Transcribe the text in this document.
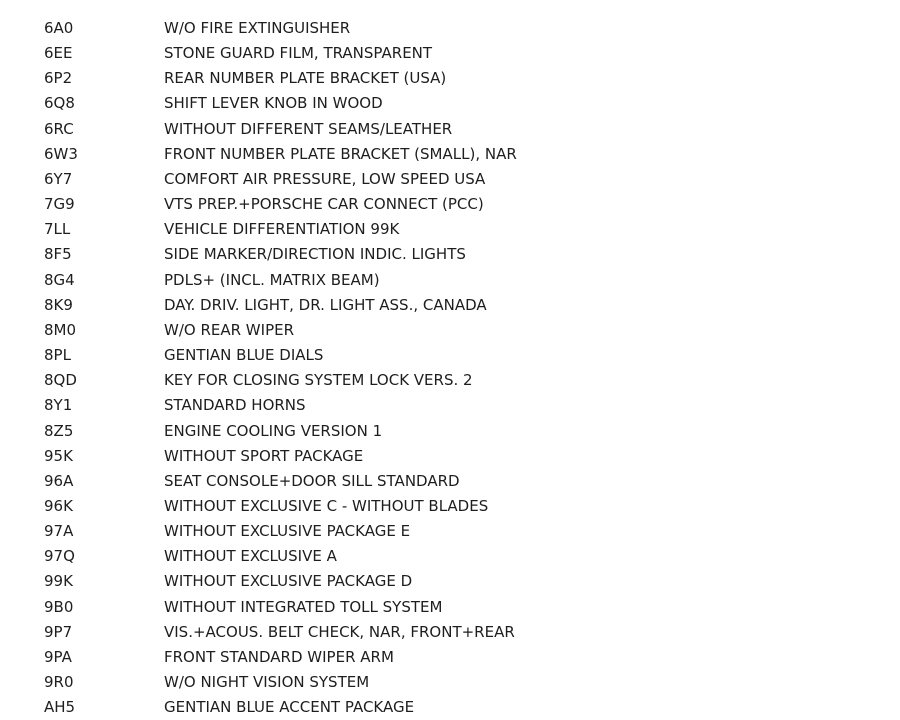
6A0	W/O FIRE EXTINGUISHER
6EE	STONE GUARD FILM, TRANSPARENT
6P2	REAR NUMBER PLATE BRACKET (USA)
6Q8	SHIFT LEVER KNOB IN WOOD
6RC	WITHOUT DIFFERENT SEAMS/LEATHER
6W3	FRONT NUMBER PLATE BRACKET (SMALL), NAR
6Y7	COMFORT AIR PRESSURE, LOW SPEED USA
7G9	VTS PREP.+PORSCHE CAR CONNECT (PCC)
7LL	VEHICLE DIFFERENTIATION 99K
8F5	SIDE MARKER/DIRECTION INDIC. LIGHTS
8G4	PDLS+ (INCL. MATRIX BEAM)
8K9	DAY. DRIV. LIGHT, DR. LIGHT ASS., CANADA
8M0	W/O REAR WIPER
8PL	GENTIAN BLUE DIALS
8QD	KEY FOR CLOSING SYSTEM LOCK VERS. 2
8Y1	STANDARD HORNS
8Z5	ENGINE COOLING VERSION 1
95K	WITHOUT SPORT PACKAGE
96A	SEAT CONSOLE+DOOR SILL STANDARD
96K	WITHOUT EXCLUSIVE C - WITHOUT BLADES
97A	WITHOUT EXCLUSIVE PACKAGE E
97Q	WITHOUT EXCLUSIVE A
99K	WITHOUT EXCLUSIVE PACKAGE D
9B0	WITHOUT INTEGRATED TOLL SYSTEM
9P7	VIS.+ACOUS. BELT CHECK, NAR, FRONT+REAR
9PA	FRONT STANDARD WIPER ARM
9R0	W/O NIGHT VISION SYSTEM
AH5	GENTIAN BLUE ACCENT PACKAGE
